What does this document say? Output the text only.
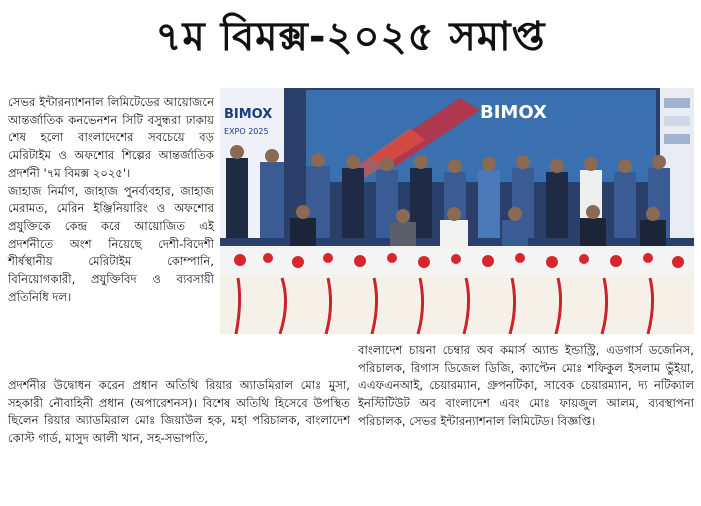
৭ম বিমক্স-২০২৫ সমাপ্ত

সেভর ইন্টারন্যাশনাল লিমিটেডের আয়োজনে আন্তর্জাতিক কনভেনশন সিটি বসুন্ধরা ঢাকায় শেষ হলো বাংলাদেশের সবচেয়ে বড় মেরিটাইম ও অফশোর শিল্পের আন্তর্জাতিক প্রদর্শনী '৭ম বিমক্স ২০২৫'।

জাহাজ নির্মাণ, জাহাজ পুনর্ব্যবহার, জাহাজ মেরামত, মেরিন ইঞ্জিনিয়ারিং ও অফশোর প্রযুক্তিকে কেন্দ্র করে আয়োজিত এই প্রদর্শনীতে অংশ নিয়েছে দেশী-বিদেশী শীর্ষস্থানীয় মেরিটাইম কোম্পানি, বিনিয়োগকারী, প্রযুক্তিবিদ ও ব্যবসায়ী প্রতিনিধি দল।

BIMOX
EXPO 2025
BIMOX

প্রদর্শনীর উদ্বোধন করেন প্রধান অতিথি রিয়ার অ্যাডমিরাল মোঃ মুসা, সহকারী নৌবাহিনী প্রধান (অপারেশনস)। বিশেষ অতিথি হিসেবে উপস্থিত ছিলেন রিয়ার অ্যাডমিরাল মোঃ জিয়াউল হক, মহা পরিচালক, বাংলাদেশ কোস্ট গার্ড, মাসুদ আলী খান, সহ-সভাপতি,

বাংলাদেশ চায়না চেম্বার অব কমার্স অ্যান্ড ইন্ডাস্ট্রি, এডগার্স ডজেনিস, পরিচালক, রিগাস ডিজেল ডিজি, ক্যাপ্টেন মোঃ শফিকুল ইসলাম ভুঁইয়া, এএফএনআই, চেয়ারম্যান, গ্রুপনটিকা, সাবেক চেয়ারম্যান, দ্য নটিক্যাল ইনস্টিটিউট অব বাংলাদেশ এবং মোঃ ফায়জুল আলম, ব্যবস্থাপনা পরিচালক, সেভর ইন্টারন্যাশনাল লিমিটেড। বিজ্ঞপ্তি।
